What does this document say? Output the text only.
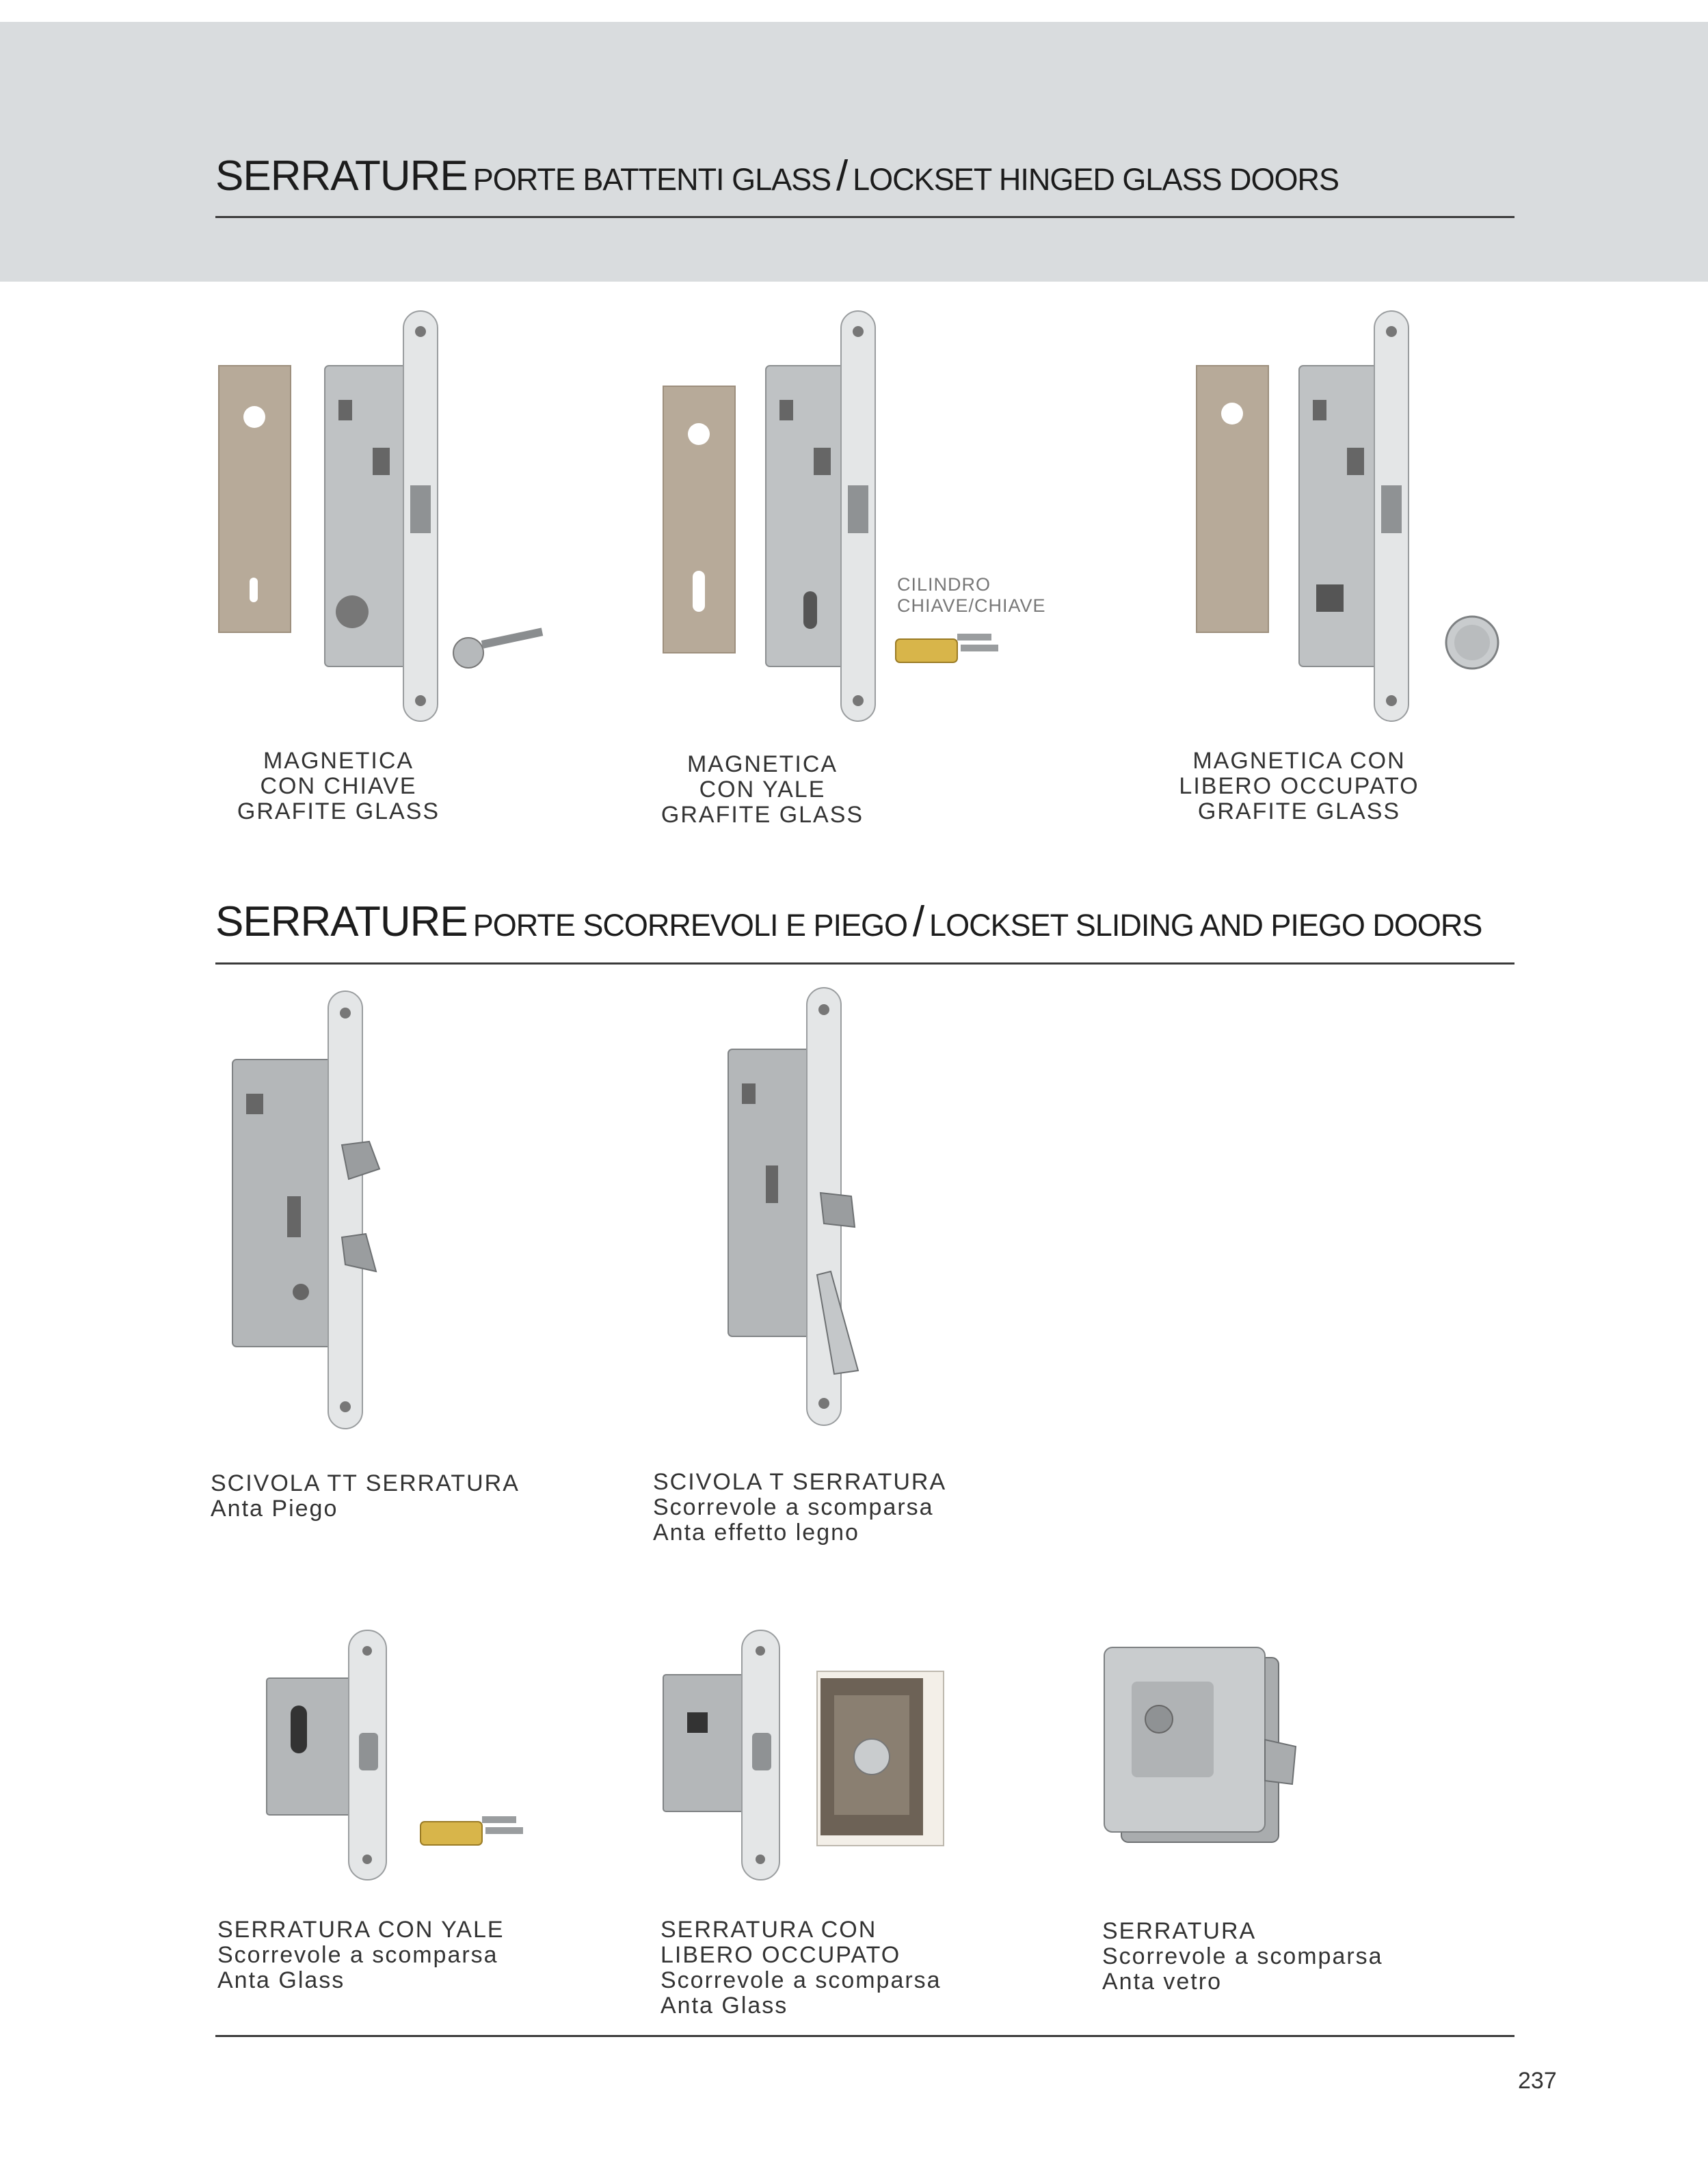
SERRATURE PORTE BATTENTI GLASS / LOCKSET HINGED GLASS DOORS
CILINDRO
CHIAVE/CHIAVE
MAGNETICA
CON CHIAVE
GRAFITE GLASS
MAGNETICA
CON YALE
GRAFITE GLASS
MAGNETICA CON
LIBERO OCCUPATO
GRAFITE GLASS
SERRATURE PORTE SCORREVOLI E PIEGO / LOCKSET SLIDING AND PIEGO DOORS
SCIVOLA TT SERRATURA
Anta Piego
SCIVOLA T SERRATURA
Scorrevole a scomparsa
Anta effetto legno
SERRATURA CON YALE
Scorrevole a scomparsa
Anta Glass
SERRATURA CON
LIBERO OCCUPATO
Scorrevole a scomparsa
Anta Glass
SERRATURA
Scorrevole a scomparsa
Anta vetro
237
